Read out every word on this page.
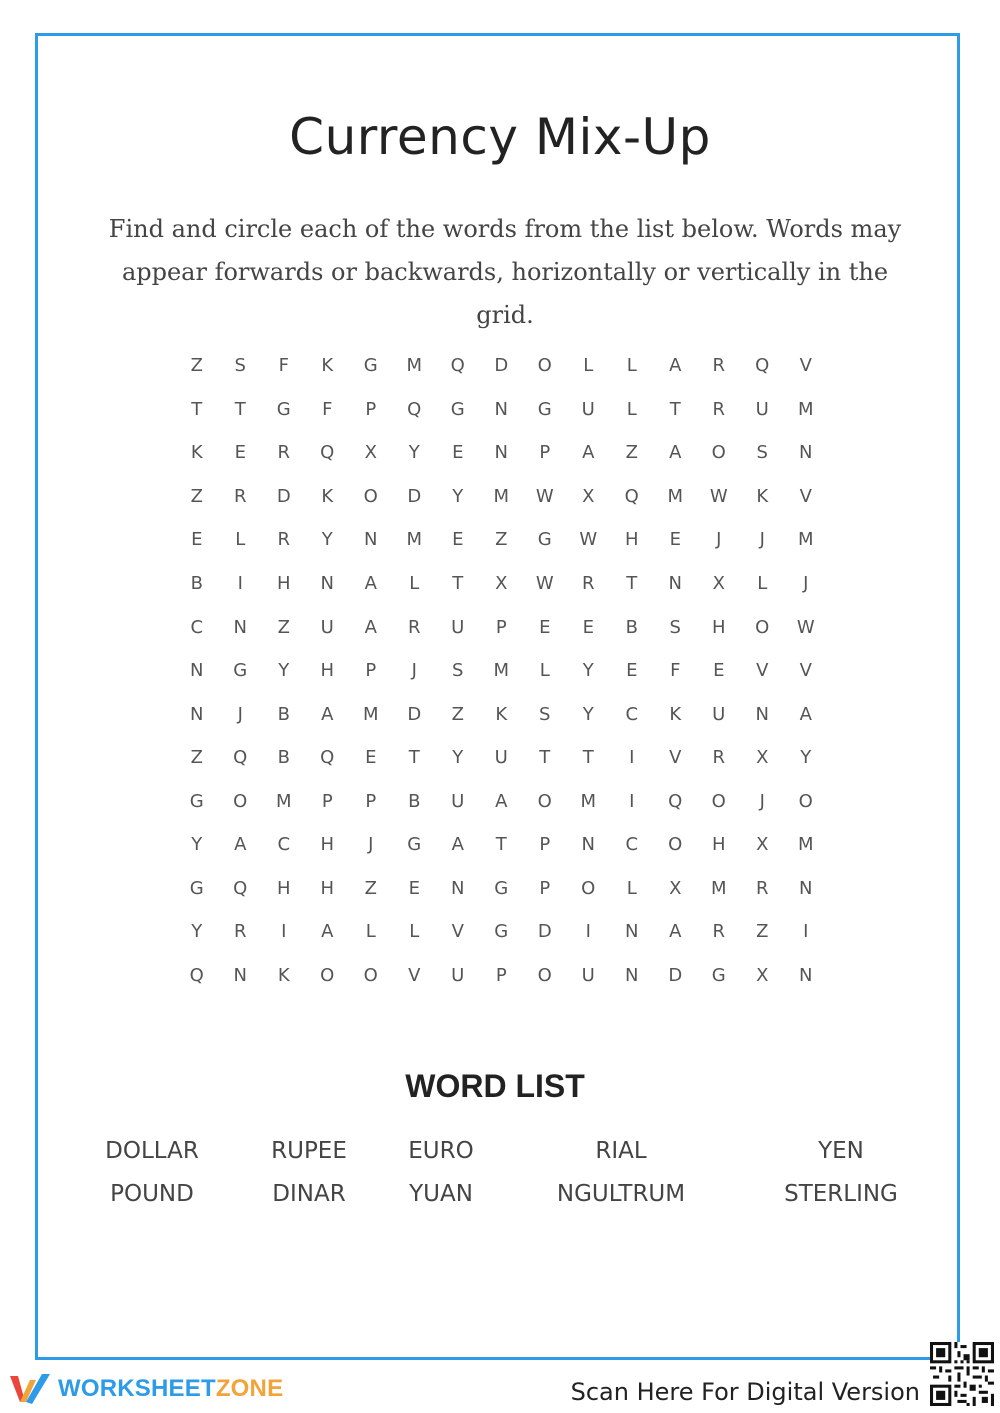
Currency Mix-Up
Find and circle each of the words from the list below. Words may appear forwards or backwards, horizontally or vertically in the grid.
Z	S	F	K	G	M	Q	D	O	L	L	A	R	Q	V
T	T	G	F	P	Q	G	N	G	U	L	T	R	U	M
K	E	R	Q	X	Y	E	N	P	A	Z	A	O	S	N
Z	R	D	K	O	D	Y	M	W	X	Q	M	W	K	V
E	L	R	Y	N	M	E	Z	G	W	H	E	J	J	M
B	I	H	N	A	L	T	X	W	R	T	N	X	L	J
C	N	Z	U	A	R	U	P	E	E	B	S	H	O	W
N	G	Y	H	P	J	S	M	L	Y	E	F	E	V	V
N	J	B	A	M	D	Z	K	S	Y	C	K	U	N	A
Z	Q	B	Q	E	T	Y	U	T	T	I	V	R	X	Y
G	O	M	P	P	B	U	A	O	M	I	Q	O	J	O
Y	A	C	H	J	G	A	T	P	N	C	O	H	X	M
G	Q	H	H	Z	E	N	G	P	O	L	X	M	R	N
Y	R	I	A	L	L	V	G	D	I	N	A	R	Z	I
Q	N	K	O	O	V	U	P	O	U	N	D	G	X	N
WORD LIST
DOLLAR	RUPEE	EURO	RIAL	YEN
POUND	DINAR	YUAN	NGULTRUM	STERLING
WORKSHEETZONE	Scan Here For Digital Version
